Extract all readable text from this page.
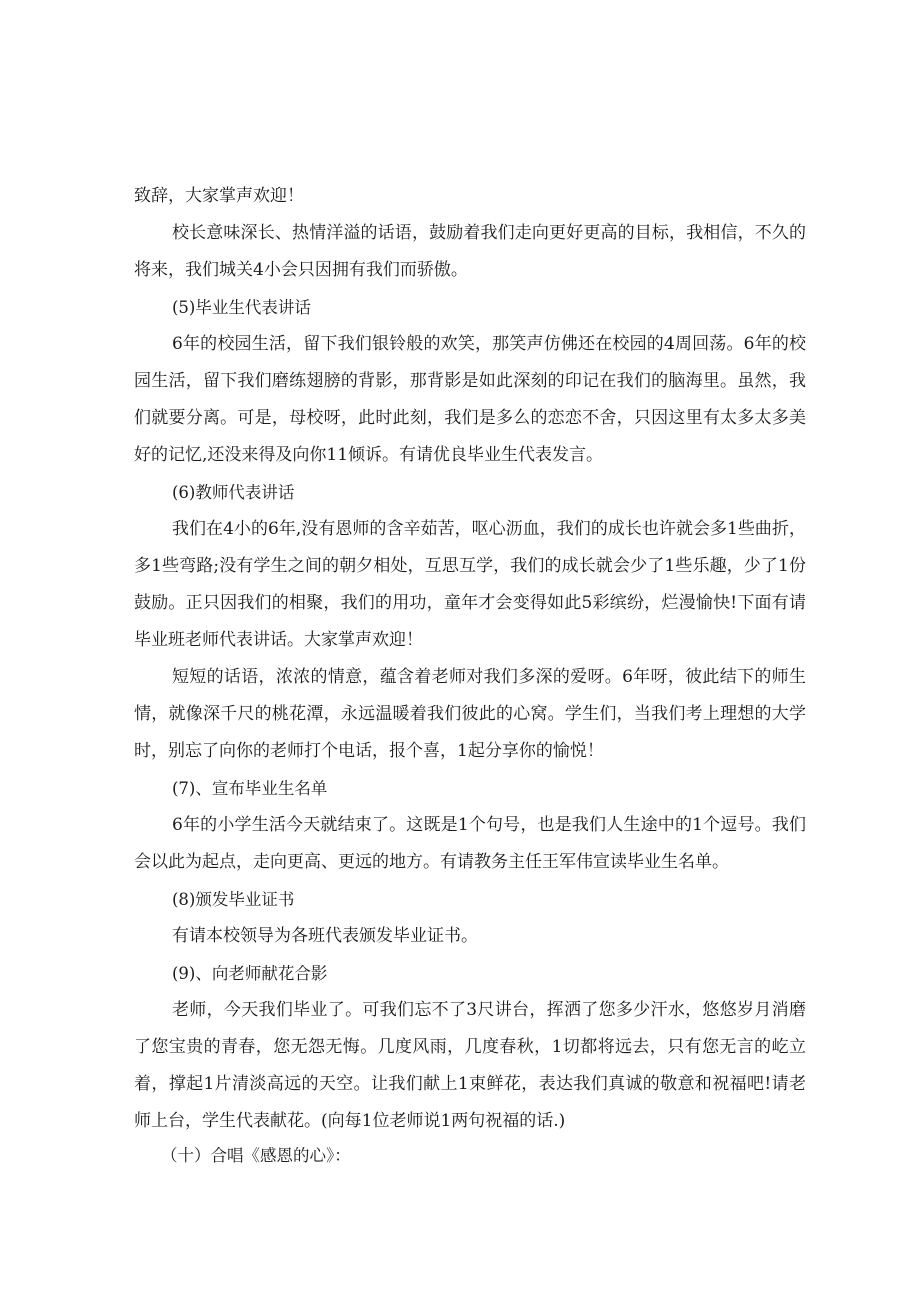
致辞，大家掌声欢迎！

校长意味深长、热情洋溢的话语，鼓励着我们走向更好更高的目标，我相信，不久的将来，我们城关4小会只因拥有我们而骄傲。

(5)毕业生代表讲话

6年的校园生活，留下我们银铃般的欢笑，那笑声仿佛还在校园的4周回荡。6年的校园生活，留下我们磨练翅膀的背影，那背影是如此深刻的印记在我们的脑海里。虽然，我们就要分离。可是，母校呀，此时此刻，我们是多么的恋恋不舍，只因这里有太多太多美好的记忆,还没来得及向你11倾诉。有请优良毕业生代表发言。

(6)教师代表讲话

我们在4小的6年,没有恩师的含辛茹苦，呕心沥血，我们的成长也许就会多1些曲折，多1些弯路;没有学生之间的朝夕相处，互思互学，我们的成长就会少了1些乐趣，少了1份鼓励。正只因我们的相聚，我们的用功，童年才会变得如此5彩缤纷，烂漫愉快!下面有请毕业班老师代表讲话。大家掌声欢迎！

短短的话语，浓浓的情意，蕴含着老师对我们多深的爱呀。6年呀，彼此结下的师生情，就像深千尺的桃花潭，永远温暖着我们彼此的心窝。学生们，当我们考上理想的大学时，别忘了向你的老师打个电话，报个喜，1起分享你的愉悦！

(7)、宣布毕业生名单

6年的小学生活今天就结束了。这既是1个句号，也是我们人生途中的1个逗号。我们会以此为起点，走向更高、更远的地方。有请教务主任王军伟宣读毕业生名单。

(8)颁发毕业证书

有请本校领导为各班代表颁发毕业证书。

(9)、向老师献花合影

老师，今天我们毕业了。可我们忘不了3尺讲台，挥洒了您多少汗水，悠悠岁月消磨了您宝贵的青春，您无怨无悔。几度风雨，几度春秋，1切都将远去，只有您无言的屹立着，撑起1片清淡高远的天空。让我们献上1束鲜花，表达我们真诚的敬意和祝福吧!请老师上台，学生代表献花。(向每1位老师说1两句祝福的话.)

（十）合唱《感恩的心》：
